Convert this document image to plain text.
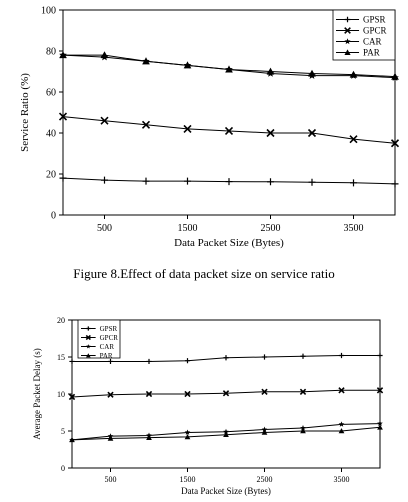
0
20
40
60
80
100
500	1500	2500	3500
Data Packet Size (Bytes)
Service Ratio (%)
GPSR
GPCR
CAR
PAR
0
5
10
15
20
500	1500	2500	3500
Data Packet Size (Bytes)
Average Packet Delay (s)
GPSR
GPCR
CAR
PAR
Figure 8.Effect of data packet size on service ratio
